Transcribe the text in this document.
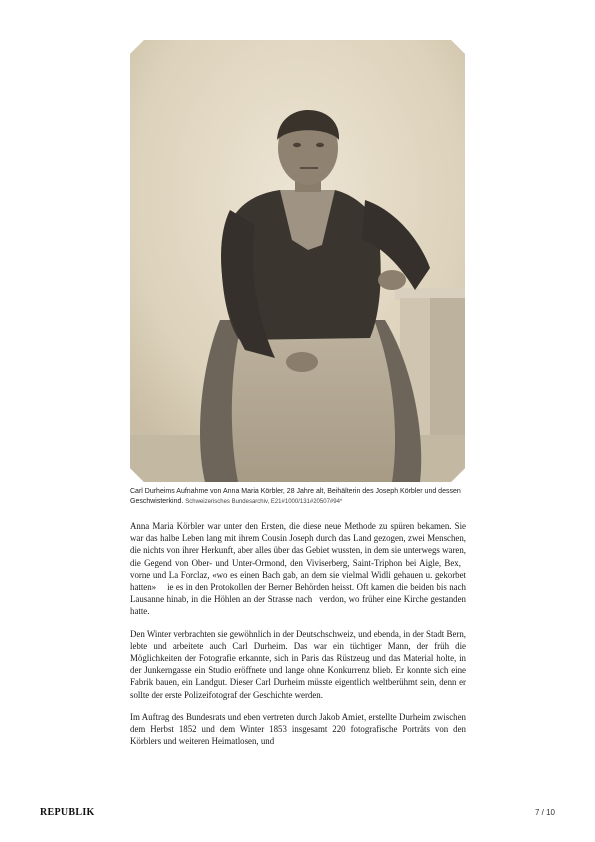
Carl Durheims Aufnahme von Anna Maria Körbler, 28 Jahre alt, Beihälterin des Joseph Körbler und dessen Geschwisterkind. Schweizerisches Bundesarchiv, E21#1000/131#20507#94*

Anna Maria Körbler war unter den Ersten, die diese neue Methode zu spüren bekamen. Sie war das halbe Leben lang mit ihrem Cousin Joseph durch das Land gezogen, zwei Menschen, die nichts von ihrer Herkunft, aber alles über das Gebiet wussten, in dem sie unterwegs waren, die Gegend von Ober- und Unter-Ormond, den Viviserberg, Saint-Triphon bei Aigle, Bex,  vorne und La Forclaz, «wo es einen Bach gab, an dem sie vielmal Widli gehauen u. gekorbet hatten»     ie es in den Protokollen der Berner Behörden heisst. Oft kamen die beiden bis nach Lausanne hinab, in die Höhlen an der Strasse nach   verdon, wo früher eine Kirche gestanden hatte.

Den Winter verbrachten sie gewöhnlich in der Deutschschweiz, und ebenda, in der Stadt Bern, lebte und arbeitete auch Carl Durheim. Das war ein tüchtiger Mann, der früh die Möglichkeiten der Fotografie erkannte, sich in Paris das Rüstzeug und das Material holte, in der Junkerngasse ein Studio eröffnete und lange ohne Konkurrenz blieb. Er konnte sich eine Fabrik bauen, ein Landgut. Dieser Carl Durheim müsste eigentlich weltberühmt sein, denn er sollte der erste Polizeifotograf der Geschichte werden.

Im Auftrag des Bundesrats und eben vertreten durch Jakob Amiet, erstellte Durheim zwischen dem Herbst 1852 und dem Winter 1853 insgesamt 220 fotografische Porträts von den Körblers und weiteren Heimatlosen, und

REPUBLIK	7 / 10
